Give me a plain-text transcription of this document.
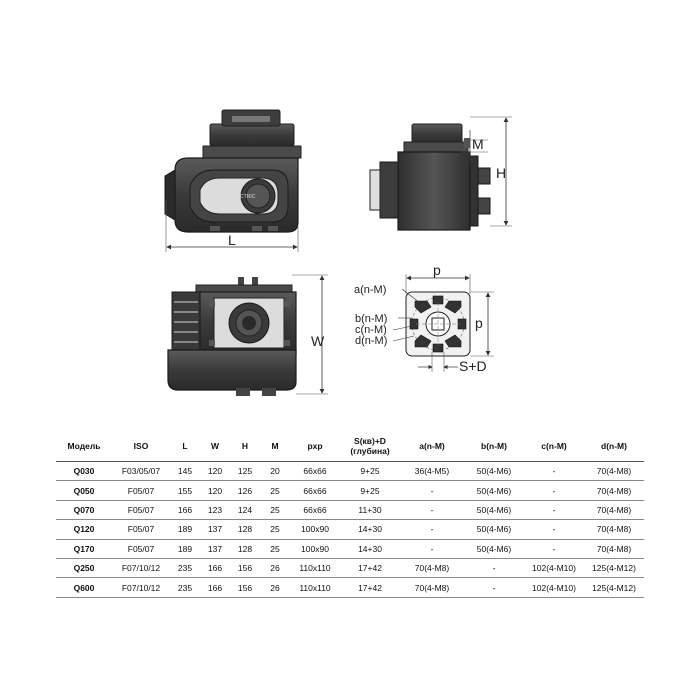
DIFM · ELECTRIC
L
M
H
W
p
a(n-M)
b(n-M)
c(n-M)
d(n-M)
p
S+D
Модель	ISO	L	W	H	M	pxp	S(кв)+D (глубина)	a(n-M)	b(n-M)	c(n-M)	d(n-M)
Q030	F03/05/07	145	120	125	20	66x66	9+25	36(4-M5)	50(4-M6)	-	70(4-M8)
Q050	F05/07	155	120	126	25	66x66	9+25	-	50(4-M6)	-	70(4-M8)
Q070	F05/07	166	123	124	25	66x66	11+30	-	50(4-M6)	-	70(4-M8)
Q120	F05/07	189	137	128	25	100x90	14+30	-	50(4-M6)	-	70(4-M8)
Q170	F05/07	189	137	128	25	100x90	14+30	-	50(4-M6)	-	70(4-M8)
Q250	F07/10/12	235	166	156	26	110x110	17+42	70(4-M8)	-	102(4-M10)	125(4-M12)
Q600	F07/10/12	235	166	156	26	110x110	17+42	70(4-M8)	-	102(4-M10)	125(4-M12)
